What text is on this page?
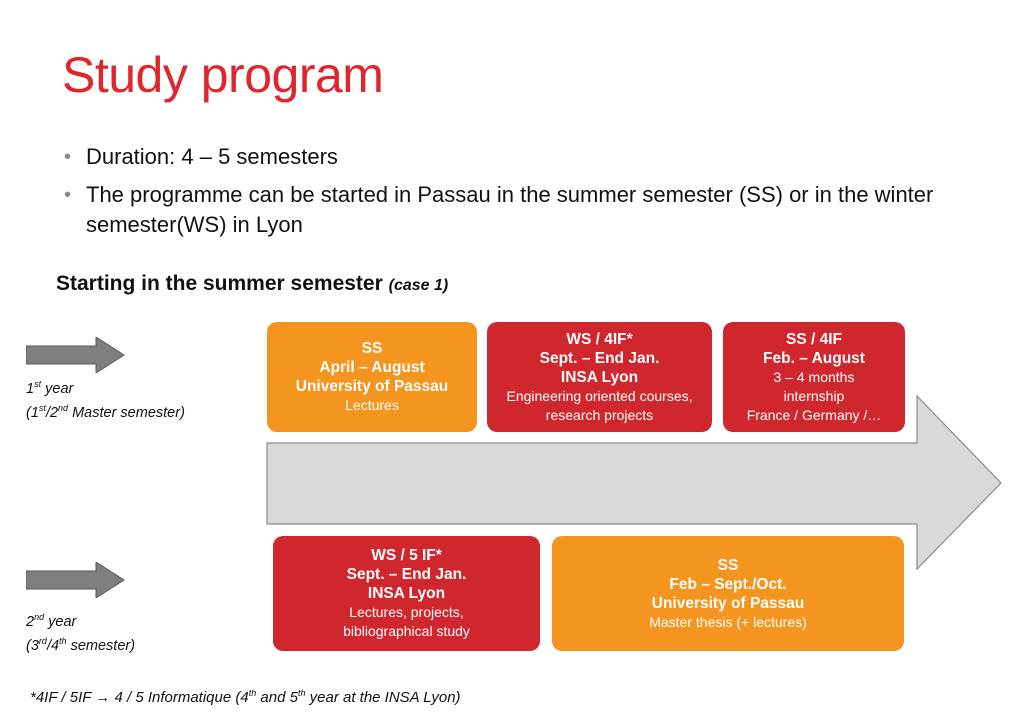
Study program
• Duration: 4 – 5 semesters
• The programme can be started in Passau in the summer semester (SS) or in the winter semester(WS) in Lyon
Starting in the summer semester (case 1)
1st year
(1st/2nd Master semester)
2nd year
(3rd/4th semester)
SS
April – August
University of Passau
Lectures
WS / 4IF*
Sept. – End Jan.
INSA Lyon
Engineering oriented courses, research projects
SS / 4IF
Feb. – August
3 – 4 months
internship
France / Germany /…
…
WS / 5 IF*
Sept. – End Jan.
INSA Lyon
Lectures, projects, bibliographical study
SS
Feb – Sept./Oct.
University of Passau
Master thesis (+ lectures)
*4IF / 5IF → 4 / 5 Informatique (4th and 5th year at the INSA Lyon)
